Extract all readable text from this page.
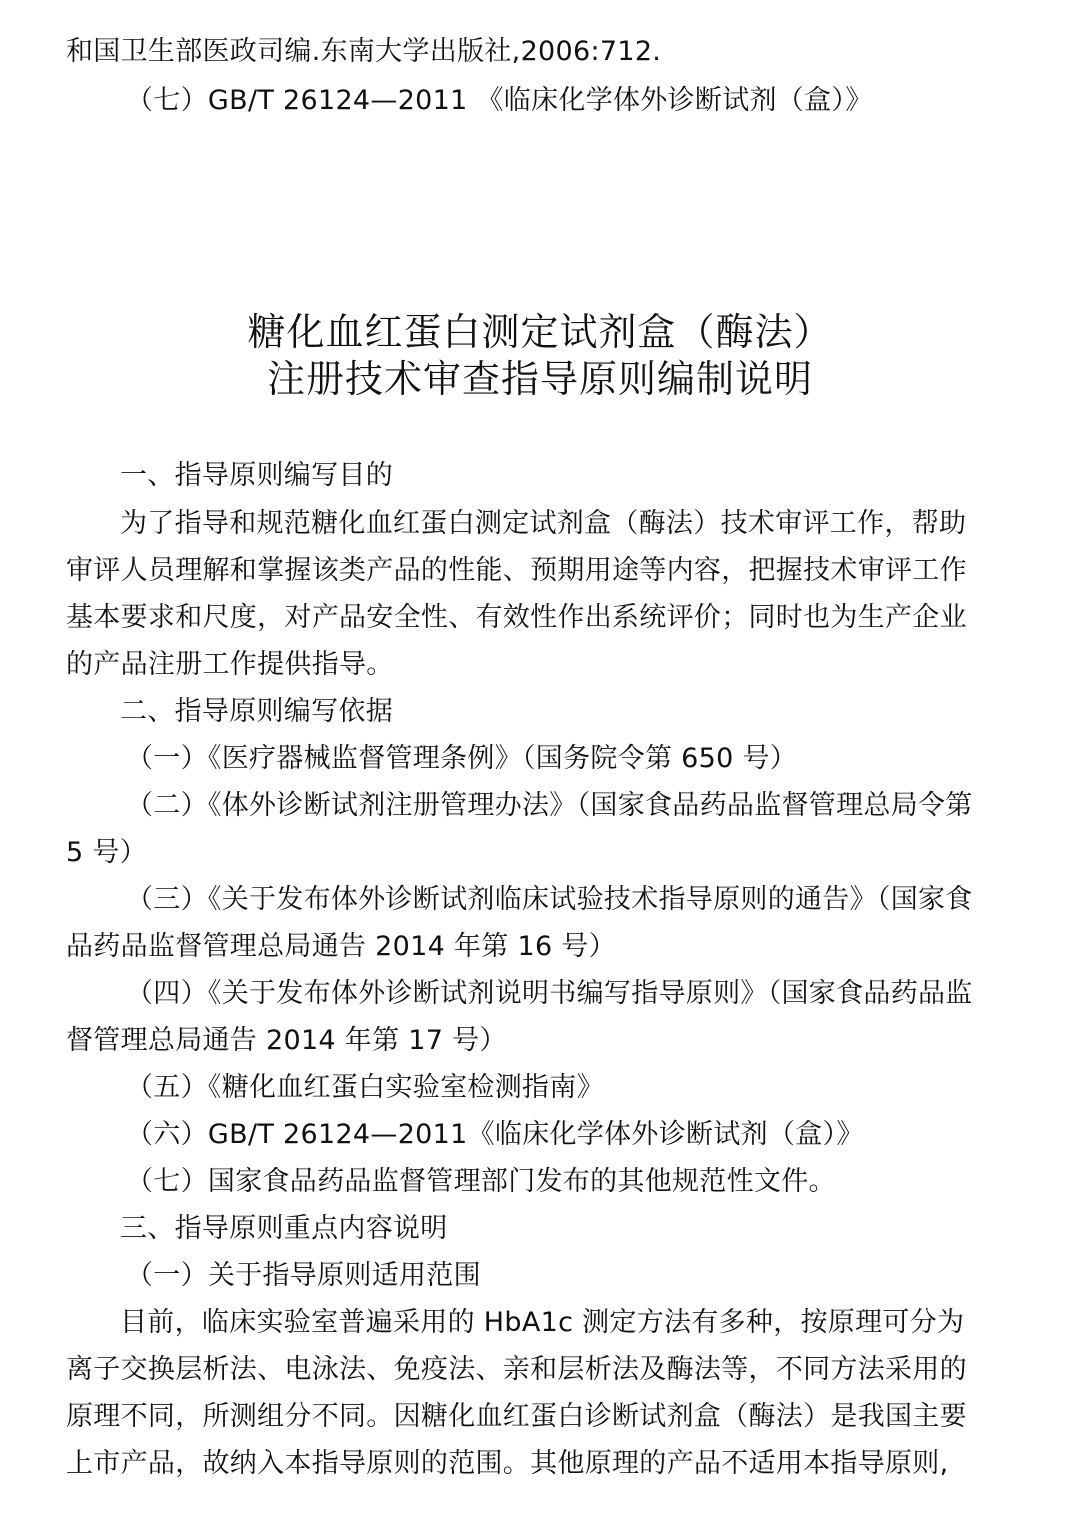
和国卫生部医政司编.东南大学出版社,2006:712.
（七）GB/T 26124—2011 《临床化学体外诊断试剂（盒）》
糖化血红蛋白测定试剂盒（酶法）
注册技术审查指导原则编制说明
一、指导原则编写目的
为了指导和规范糖化血红蛋白测定试剂盒（酶法）技术审评工作，帮助
审评人员理解和掌握该类产品的性能、预期用途等内容，把握技术审评工作
基本要求和尺度，对产品安全性、有效性作出系统评价；同时也为生产企业
的产品注册工作提供指导。
二、指导原则编写依据
（一）《医疗器械监督管理条例》（国务院令第 650 号）
（二）《体外诊断试剂注册管理办法》（国家食品药品监督管理总局令第
5 号）
（三）《关于发布体外诊断试剂临床试验技术指导原则的通告》（国家食
品药品监督管理总局通告 2014 年第 16 号）
（四）《关于发布体外诊断试剂说明书编写指导原则》（国家食品药品监
督管理总局通告 2014 年第 17 号）
（五）《糖化血红蛋白实验室检测指南》
（六）GB/T 26124—2011《临床化学体外诊断试剂（盒）》
（七）国家食品药品监督管理部门发布的其他规范性文件。
三、指导原则重点内容说明
（一）关于指导原则适用范围
目前，临床实验室普遍采用的 HbA1c 测定方法有多种，按原理可分为
离子交换层析法、电泳法、免疫法、亲和层析法及酶法等，不同方法采用的
原理不同，所测组分不同。因糖化血红蛋白诊断试剂盒（酶法）是我国主要
上市产品，故纳入本指导原则的范围。其他原理的产品不适用本指导原则,
